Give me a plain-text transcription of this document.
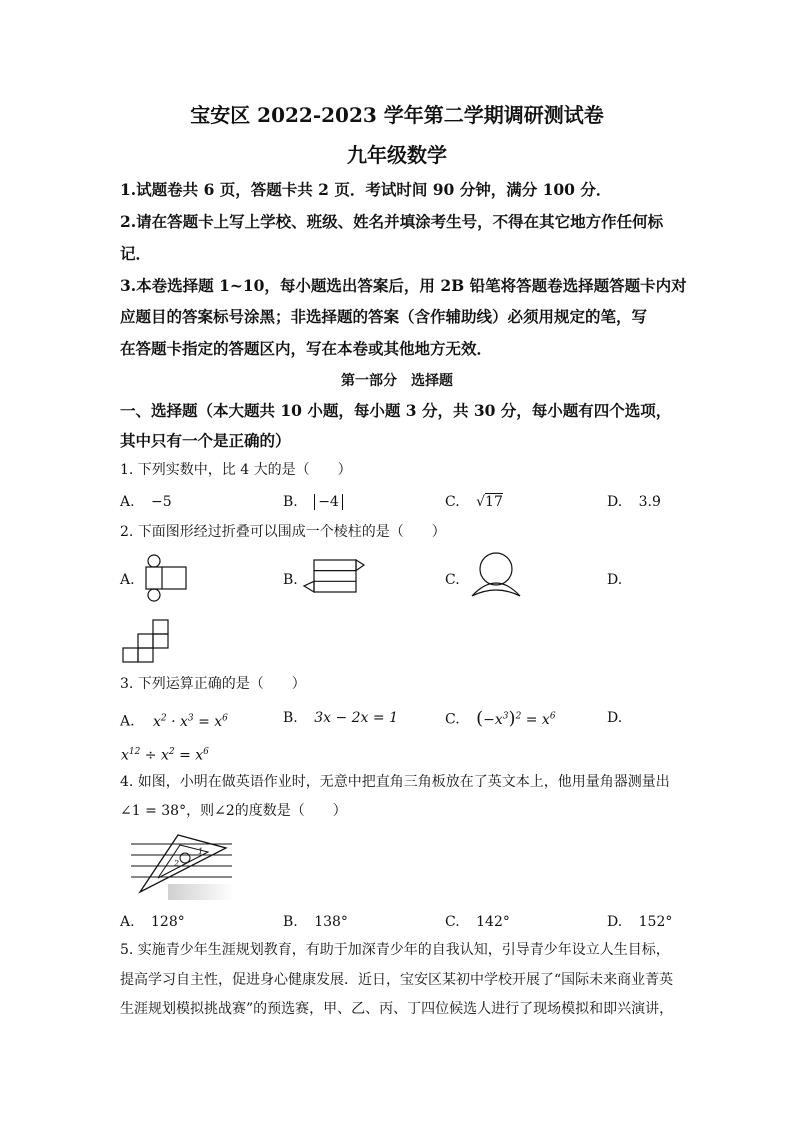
宝安区 2022-2023 学年第二学期调研测试卷
九年级数学
1.试题卷共 6 页，答题卡共 2 页．考试时间 90 分钟，满分 100 分．
2.请在答题卡上写上学校、班级、姓名并填涂考生号，不得在其它地方作任何标
记．
3.本卷选择题 1~10，每小题选出答案后，用 2B 铅笔将答题卷选择题答题卡内对
应题目的答案标号涂黑；非选择题的答案（含作辅助线）必须用规定的笔，写
在答题卡指定的答题区内，写在本卷或其他地方无效．
第一部分　选择题
一、选择题（本大题共 10 小题，每小题 3 分，共 30 分，每小题有四个选项，
其中只有一个是正确的）
1. 下列实数中，比 4 大的是（　　）
A. −5	B. −4	C. √17	D. 3.9̇
2. 下面图形经过折叠可以围成一个棱柱的是（　　）
A.	B.	C.	D.
3. 下列运算正确的是（　　）
A. $x^2 \cdot x^3 = x^6$	B. 3x − 2x = 1	C. $(-x^3)^2 = x^6$	D.
$x^{12} \div x^2 = x^6$
4. 如图，小明在做英语作业时，无意中把直角三角板放在了英文本上，他用量角器测量出
∠1 = 38°，则∠2的度数是（　　）
2
1
A. 128°	B. 138°	C. 142°	D. 152°
5. 实施青少年生涯规划教育，有助于加深青少年的自我认知，引导青少年设立人生目标，
提高学习自主性，促进身心健康发展．近日，宝安区某初中学校开展了“国际未来商业菁英
生涯规划模拟挑战赛”的预选赛，甲、乙、丙、丁四位候选人进行了现场模拟和即兴演讲，
